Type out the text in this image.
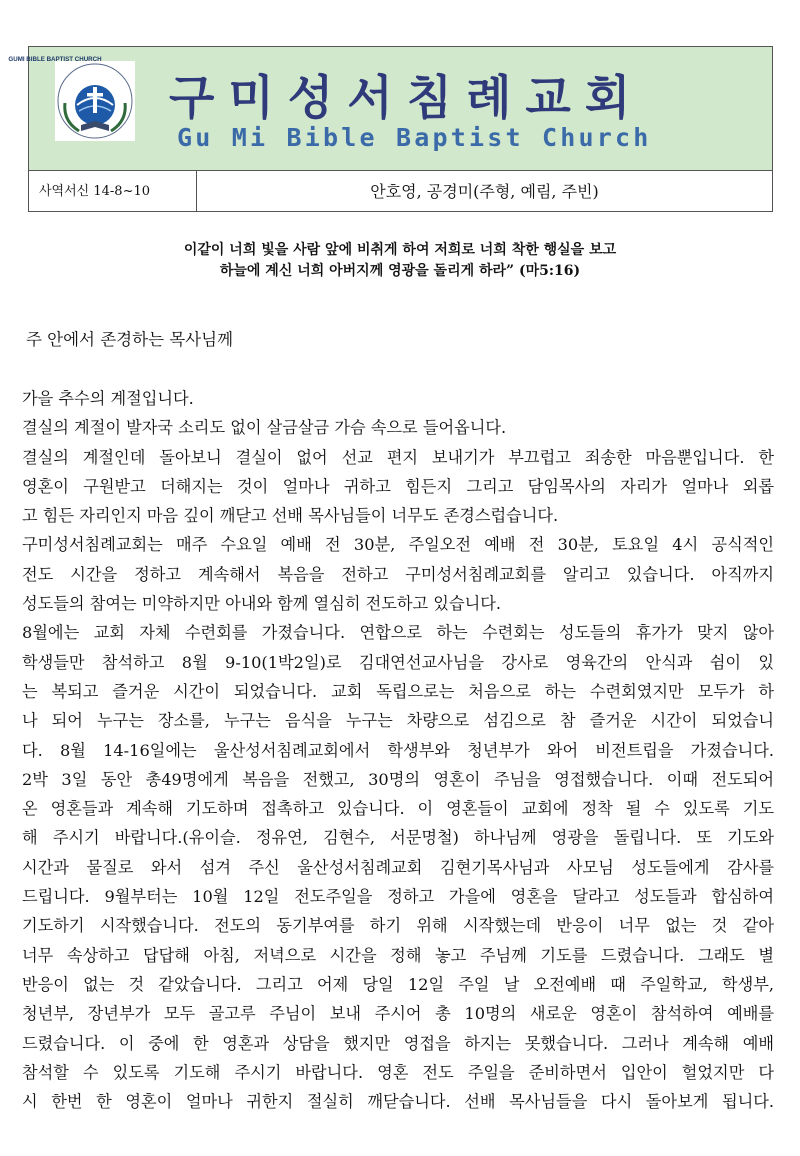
GUMI BIBLE BAPTIST CHURCH
구미성서침례교회
Gu Mi Bible Baptist Church
사역서신 14-8~10	안호영, 공경미(주형, 예림, 주빈)
이같이 너희 빛을 사람 앞에 비취게 하여 저희로 너희 착한 행실을 보고
하늘에 계신 너희 아버지께 영광을 돌리게 하라” (마5:16)
주 안에서 존경하는 목사님께
가을 추수의 계절입니다.
결실의 계절이 발자국 소리도 없이 살금살금 가슴 속으로 들어옵니다.
결실의 계절인데 돌아보니 결실이 없어 선교 편지 보내기가 부끄럽고 죄송한 마음뿐입니다. 한
영혼이 구원받고 더해지는 것이 얼마나 귀하고 힘든지 그리고 담임목사의 자리가 얼마나 외롭
고 힘든 자리인지 마음 깊이 깨닫고 선배 목사님들이 너무도 존경스럽습니다.
구미성서침례교회는 매주 수요일 예배 전 30분, 주일오전 예배 전 30분, 토요일 4시 공식적인
전도 시간을 정하고 계속해서 복음을 전하고 구미성서침례교회를 알리고 있습니다. 아직까지
성도들의 참여는 미약하지만 아내와 함께 열심히 전도하고 있습니다.
8월에는 교회 자체 수련회를 가졌습니다. 연합으로 하는 수련회는 성도들의 휴가가 맞지 않아
학생들만 참석하고 8월 9-10(1박2일)로 김대연선교사님을 강사로 영육간의 안식과 쉼이 있
는 복되고 즐거운 시간이 되었습니다. 교회 독립으로는 처음으로 하는 수련회였지만 모두가 하
나 되어 누구는 장소를, 누구는 음식을 누구는 차량으로 섬김으로 참 즐거운 시간이 되었습니
다. 8월 14-16일에는 울산성서침례교회에서 학생부와 청년부가 와어 비전트립을 가졌습니다.
2박 3일 동안 총49명에게 복음을 전했고, 30명의 영혼이 주님을 영접했습니다. 이때 전도되어
온 영혼들과 계속해 기도하며 접촉하고 있습니다. 이 영혼들이 교회에 정착 될 수 있도록 기도
해 주시기 바랍니다.(유이슬. 정유연, 김현수, 서문명철) 하나님께 영광을 돌립니다. 또 기도와
시간과 물질로 와서 섬겨 주신 울산성서침례교회 김현기목사님과 사모님 성도들에게 감사를
드립니다. 9월부터는 10월 12일 전도주일을 정하고 가을에 영혼을 달라고 성도들과 합심하여
기도하기 시작했습니다. 전도의 동기부여를 하기 위해 시작했는데 반응이 너무 없는 것 같아
너무 속상하고 답답해 아침, 저녁으로 시간을 정해 놓고 주님께 기도를 드렸습니다. 그래도 별
반응이 없는 것 같았습니다. 그리고 어제 당일 12일 주일 날 오전예배 때 주일학교, 학생부,
청년부, 장년부가 모두 골고루 주님이 보내 주시어 총 10명의 새로운 영혼이 참석하여 예배를
드렸습니다. 이 중에 한 영혼과 상담을 했지만 영접을 하지는 못했습니다. 그러나 계속해 예배
참석할 수 있도록 기도해 주시기 바랍니다. 영혼 전도 주일을 준비하면서 입안이 헐었지만 다
시 한번 한 영혼이 얼마나 귀한지 절실히 깨닫습니다. 선배 목사님들을 다시 돌아보게 됩니다.
